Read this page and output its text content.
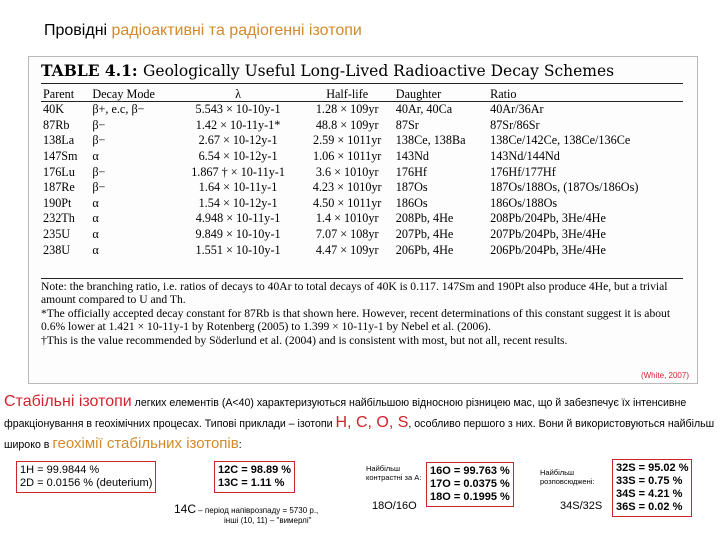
Провідні радіоактивні та радіогенні ізотопи
TABLE 4.1: Geologically Useful Long-Lived Radioactive Decay Schemes
Parent	Decay Mode	λ	Half-life	Daughter	Ratio
40K	β+, e.c, β−	5.543 × 10-10y-1	1.28 × 109yr	40Ar, 40Ca	40Ar/36Ar
87Rb	β−	1.42 × 10-11y-1*	48.8 × 109yr	87Sr	87Sr/86Sr
138La	β−	2.67 × 10-12y-1	2.59 × 1011yr	138Ce, 138Ba	138Ce/142Ce, 138Ce/136Ce
147Sm	α	6.54 × 10-12y-1	1.06 × 1011yr	143Nd	143Nd/144Nd
176Lu	β−	1.867 † × 10-11y-1	3.6 × 1010yr	176Hf	176Hf/177Hf
187Re	β−	1.64 × 10-11y-1	4.23 × 1010yr	187Os	187Os/188Os, (187Os/186Os)
190Pt	α	1.54 × 10-12y-1	4.50 × 1011yr	186Os	186Os/188Os
232Th	α	4.948 × 10-11y-1	1.4 × 1010yr	208Pb, 4He	208Pb/204Pb, 3He/4He
235U	α	9.849 × 10-10y-1	7.07 × 108yr	207Pb, 4He	207Pb/204Pb, 3He/4He
238U	α	1.551 × 10-10y-1	4.47 × 109yr	206Pb, 4He	206Pb/204Pb, 3He/4He

Note: the branching ratio, i.e. ratios of decays to 40Ar to total decays of 40K is 0.117. 147Sm and 190Pt also produce 4He, but a trivial amount compared to U and Th.

*The officially accepted decay constant for 87Rb is that shown here. However, recent determinations of this constant suggest it is about 0.6% lower at 1.421 × 10-11y-1 by Rotenberg (2005) to 1.399 × 10-11y-1 by Nebel et al. (2006).

†This is the value recommended by Söderlund et al. (2004) and is consistent with most, but not all, recent results.

(White, 2007)
Стабільні ізотопи легких елементів (A<40) характеризуються найбільшою відносною різницею мас, що й забезпечує їх інтенсивне фракціонування в геохімічних процесах. Типові приклади – ізотопи H, C, O, S, особливо першого з них. Вони й використовуються найбільш широко в геохімії стабільних ізотопів:
1H = 99.9844 %
2D = 0.0156 % (deuterium)
12C = 98.89 %
13C = 1.11 %
Найбільш контрастні за А:
16O = 99.763 %
17O = 0.0375 %
18O = 0.1995 %
18O/16O
Найбільш розповсюджені:
32S = 95.02 %
33S = 0.75 %
34S = 4.21 %
36S = 0.02 %
34S/32S
14C – період напіврозпаду = 5730 р.,
інші (10, 11) – "вимерлі"
